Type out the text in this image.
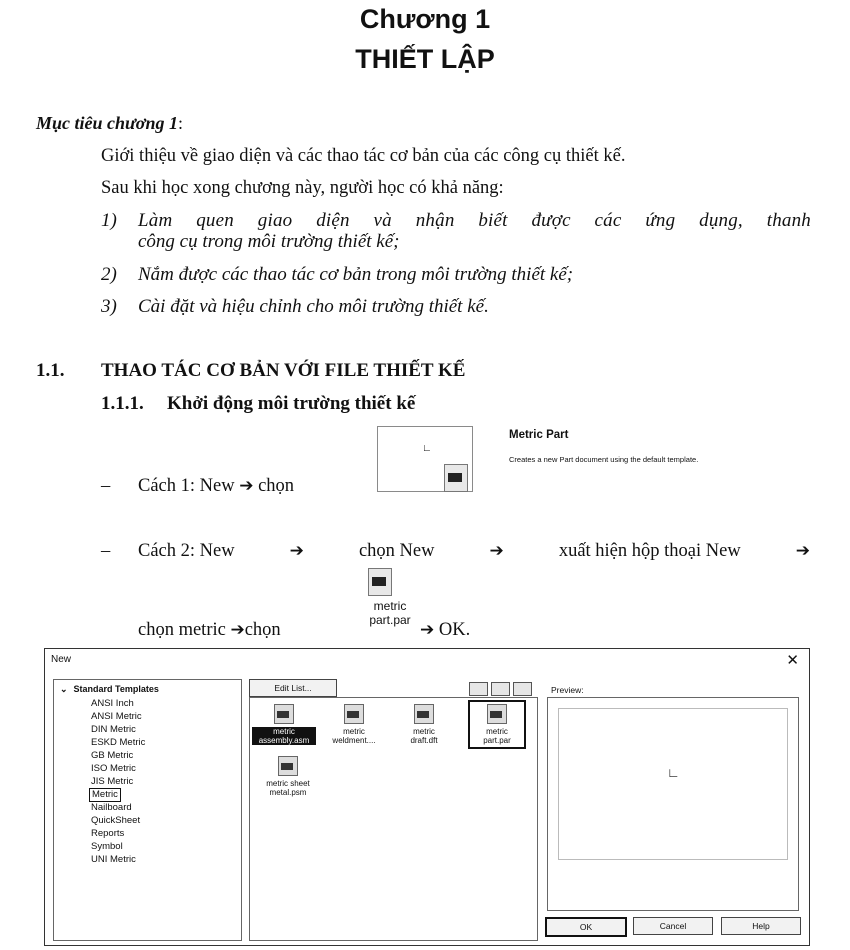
Chương 1
THIẾT LẬP
Mục tiêu chương 1:
Giới thiệu về giao diện và các thao tác cơ bản của các công cụ thiết kế.
Sau khi học xong chương này, người học có khả năng:
1) Làm quen giao diện và nhận biết được các ứng dụng, thanh
công cụ trong môi trường thiết kế;
2) Nắm được các thao tác cơ bản trong môi trường thiết kế;
3) Cài đặt và hiệu chỉnh cho môi trường thiết kế.
1.1. THAO TÁC CƠ BẢN VỚI FILE THIẾT KẾ
1.1.1. Khởi động môi trường thiết kế
– Cách 1: New ➔ chọn
∟
Metric Part
Creates a new Part document using the default template.
– Cách 2: New	➔	chọn New	➔	xuất hiện hộp thoại New	➔
metric
part.par
chọn metric ➔chọn	➔ OK.
New	✕
⌄ Standard Templates
ANSI Inch
ANSI Metric
DIN Metric
ESKD Metric
GB Metric
ISO Metric
JIS Metric
Metric
Nailboard
QuickSheet
Reports
Symbol
UNI Metric
Edit List...
metric
assembly.asm
metric
weldment....
metric
draft.dft
metric
part.par
metric sheet
metal.psm
Preview:
∟
OK	Cancel	Help
